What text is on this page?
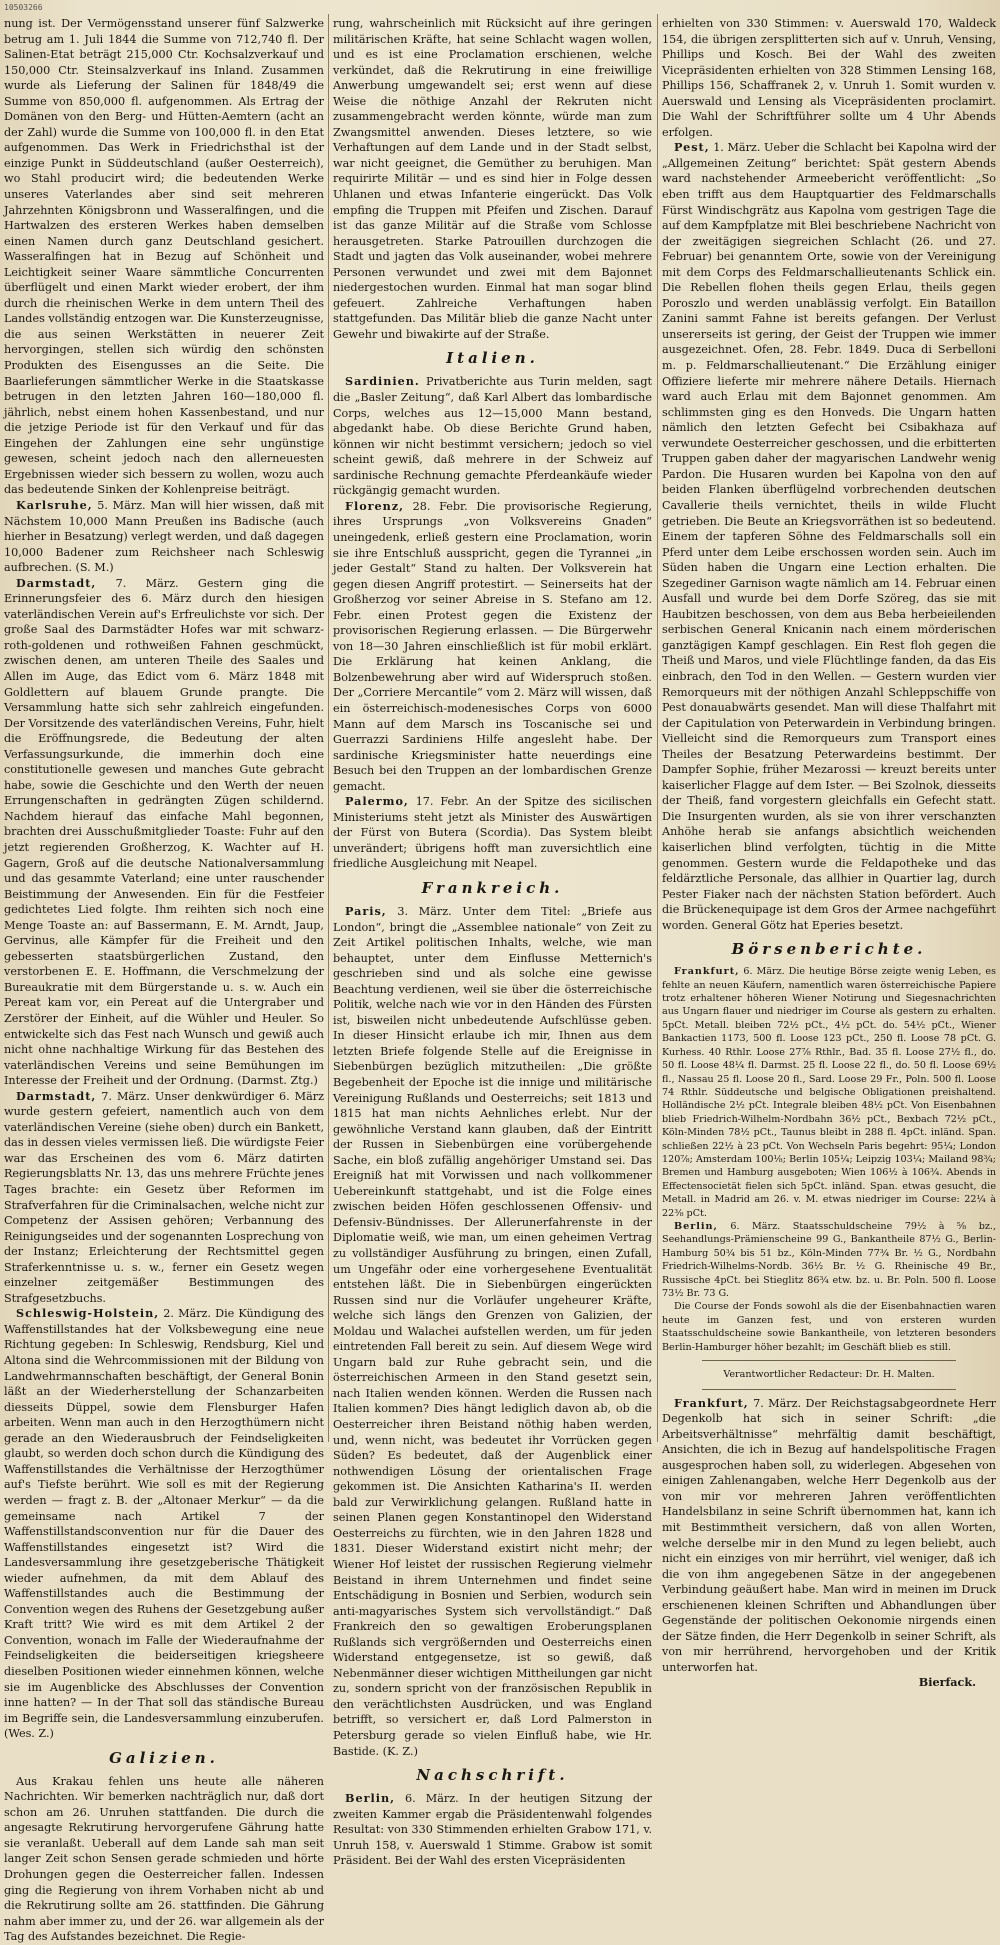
10503266

nung ist. Der Vermögensstand unserer fünf Salzwerke betrug am 1. Juli 1844 die Summe von 712,740 fl. Der Salinen-Etat beträgt 215,000 Ctr. Kochsalzverkauf und 150,000 Ctr. Steinsalzverkauf ins Inland. Zusammen wurde als Lieferung der Salinen für 1848/49 die Summe von 850,000 fl. aufgenommen. Als Ertrag der Domänen von den Berg- und Hütten-Aemtern (acht an der Zahl) wurde die Summe von 100,000 fl. in den Etat aufgenommen. Das Werk in Friedrichsthal ist der einzige Punkt in Süddeutschland (außer Oesterreich), wo Stahl producirt wird; die bedeutenden Werke unseres Vaterlandes aber sind seit mehreren Jahrzehnten Königsbronn und Wasseralfingen, und die Hartwalzen des ersteren Werkes haben demselben einen Namen durch ganz Deutschland gesichert. Wasseralfingen hat in Bezug auf Schönheit und Leichtigkeit seiner Waare sämmtliche Concurrenten überflügelt und einen Markt wieder erobert, der ihm durch die rheinischen Werke in dem untern Theil des Landes vollständig entzogen war. Die Kunsterzeugnisse, die aus seinen Werkstätten in neuerer Zeit hervorgingen, stellen sich würdig den schönsten Produkten des Eisengusses an die Seite. Die Baarlieferungen sämmtlicher Werke in die Staatskasse betrugen in den letzten Jahren 160—180,000 fl. jährlich, nebst einem hohen Kassenbestand, und nur die jetzige Periode ist für den Verkauf und für das Eingehen der Zahlungen eine sehr ungünstige gewesen, scheint jedoch nach den allerneuesten Ergebnissen wieder sich bessern zu wollen, wozu auch das bedeutende Sinken der Kohlenpreise beiträgt.

Karlsruhe, 5. März. Man will hier wissen, daß mit Nächstem 10,000 Mann Preußen ins Badische (auch hierher in Besatzung) verlegt werden, und daß dagegen 10,000 Badener zum Reichsheer nach Schleswig aufbrechen. (S. M.)

Darmstadt, 7. März. Gestern ging die Erinnerungsfeier des 6. März durch den hiesigen vaterländischen Verein auf's Erfreulichste vor sich. Der große Saal des Darmstädter Hofes war mit schwarz-roth-goldenen und rothweißen Fahnen geschmückt, zwischen denen, am unteren Theile des Saales und Allen im Auge, das Edict vom 6. März 1848 mit Goldlettern auf blauem Grunde prangte. Die Versammlung hatte sich sehr zahlreich eingefunden. Der Vorsitzende des vaterländischen Vereins, Fuhr, hielt die Eröffnungsrede, die Bedeutung der alten Verfassungsurkunde, die immerhin doch eine constitutionelle gewesen und manches Gute gebracht habe, sowie die Geschichte und den Werth der neuen Errungenschaften in gedrängten Zügen schildernd. Nachdem hierauf das einfache Mahl begonnen, brachten drei Ausschußmitglieder Toaste: Fuhr auf den jetzt regierenden Großherzog, K. Wachter auf H. Gagern, Groß auf die deutsche Nationalversammlung und das gesammte Vaterland; eine unter rauschender Beistimmung der Anwesenden. Ein für die Festfeier gedichtetes Lied folgte. Ihm reihten sich noch eine Menge Toaste an: auf Bassermann, E. M. Arndt, Jaup, Gervinus, alle Kämpfer für die Freiheit und den gebesserten staatsbürgerlichen Zustand, den verstorbenen E. E. Hoffmann, die Verschmelzung der Bureaukratie mit dem Bürgerstande u. s. w. Auch ein Pereat kam vor, ein Pereat auf die Untergraber und Zerstörer der Einheit, auf die Wühler und Heuler. So entwickelte sich das Fest nach Wunsch und gewiß auch nicht ohne nachhaltige Wirkung für das Bestehen des vaterländischen Vereins und seine Bemühungen im Interesse der Freiheit und der Ordnung. (Darmst. Ztg.)

Darmstadt, 7. März. Unser denkwürdiger 6. März wurde gestern gefeiert, namentlich auch von dem vaterländischen Vereine (siehe oben) durch ein Bankett, das in dessen vieles vermissen ließ. Die würdigste Feier war das Erscheinen des vom 6. März datirten Regierungsblatts Nr. 13, das uns mehrere Früchte jenes Tages brachte: ein Gesetz über Reformen im Strafverfahren für die Criminalsachen, welche nicht zur Competenz der Assisen gehören; Verbannung des Reinigungseides und der sogenannten Losprechung von der Instanz; Erleichterung der Rechtsmittel gegen Straferkenntnisse u. s. w., ferner ein Gesetz wegen einzelner zeitgemäßer Bestimmungen des Strafgesetzbuchs.

Schleswig-Holstein, 2. März. Die Kündigung des Waffenstillstandes hat der Volksbewegung eine neue Richtung gegeben: In Schleswig, Rendsburg, Kiel und Altona sind die Wehrcommissionen mit der Bildung von Landwehrmannschaften beschäftigt, der General Bonin läßt an der Wiederherstellung der Schanzarbeiten diesseits Düppel, sowie dem Flensburger Hafen arbeiten. Wenn man auch in den Herzogthümern nicht gerade an den Wiederausbruch der Feindseligkeiten glaubt, so werden doch schon durch die Kündigung des Waffenstillstandes die Verhältnisse der Herzogthümer auf's Tiefste berührt. Wie soll es mit der Regierung werden — fragt z. B. der „Altonaer Merkur“ — da die gemeinsame nach Artikel 7 der Waffenstillstandsconvention nur für die Dauer des Waffenstillstandes eingesetzt ist? Wird die Landesversammlung ihre gesetzgeberische Thätigkeit wieder aufnehmen, da mit dem Ablauf des Waffenstillstandes auch die Bestimmung der Convention wegen des Ruhens der Gesetzgebung außer Kraft tritt? Wie wird es mit dem Artikel 2 der Convention, wonach im Falle der Wiederaufnahme der Feindseligkeiten die beiderseitigen kriegsheere dieselben Positionen wieder einnehmen können, welche sie im Augenblicke des Abschlusses der Convention inne hatten? — In der That soll das ständische Bureau im Begriffe sein, die Landesversammlung einzuberufen. (Wes. Z.)

Galizien.

Aus Krakau fehlen uns heute alle näheren Nachrichten. Wir bemerken nachträglich nur, daß dort schon am 26. Unruhen stattfanden. Die durch die angesagte Rekrutirung hervorgerufene Gährung hatte sie veranlaßt. Ueberall auf dem Lande sah man seit langer Zeit schon Sensen gerade schmieden und hörte Drohungen gegen die Oesterreicher fallen. Indessen ging die Regierung von ihrem Vorhaben nicht ab und die Rekrutirung sollte am 26. stattfinden. Die Gährung nahm aber immer zu, und der 26. war allgemein als der Tag des Aufstandes bezeichnet. Die Regie-

rung, wahrscheinlich mit Rücksicht auf ihre geringen militärischen Kräfte, hat seine Schlacht wagen wollen, und es ist eine Proclamation erschienen, welche verkündet, daß die Rekrutirung in eine freiwillige Anwerbung umgewandelt sei; erst wenn auf diese Weise die nöthige Anzahl der Rekruten nicht zusammengebracht werden könnte, würde man zum Zwangsmittel anwenden. Dieses letztere, so wie Verhaftungen auf dem Lande und in der Stadt selbst, war nicht geeignet, die Gemüther zu beruhigen. Man requirirte Militär — und es sind hier in Folge dessen Uhlanen und etwas Infanterie eingerückt. Das Volk empfing die Truppen mit Pfeifen und Zischen. Darauf ist das ganze Militär auf die Straße vom Schlosse herausgetreten. Starke Patrouillen durchzogen die Stadt und jagten das Volk auseinander, wobei mehrere Personen verwundet und zwei mit dem Bajonnet niedergestochen wurden. Einmal hat man sogar blind gefeuert. Zahlreiche Verhaftungen haben stattgefunden. Das Militär blieb die ganze Nacht unter Gewehr und biwakirte auf der Straße.

Italien.

Sardinien. Privatberichte aus Turin melden, sagt die „Basler Zeitung“, daß Karl Albert das lombardische Corps, welches aus 12—15,000 Mann bestand, abgedankt habe. Ob diese Berichte Grund haben, können wir nicht bestimmt versichern; jedoch so viel scheint gewiß, daß mehrere in der Schweiz auf sardinische Rechnung gemachte Pferdeankäufe wieder rückgängig gemacht wurden.

Florenz, 28. Febr. Die provisorische Regierung, ihres Ursprungs „von Volksvereins Gnaden“ uneingedenk, erließ gestern eine Proclamation, worin sie ihre Entschluß ausspricht, gegen die Tyrannei „in jeder Gestalt“ Stand zu halten. Der Volksverein hat gegen diesen Angriff protestirt. — Seinerseits hat der Großherzog vor seiner Abreise in S. Stefano am 12. Febr. einen Protest gegen die Existenz der provisorischen Regierung erlassen. — Die Bürgerwehr von 18—30 Jahren einschließlich ist für mobil erklärt. Die Erklärung hat keinen Anklang, die Bolzenbewehrung aber wird auf Widerspruch stoßen. Der „Corriere Mercantile“ vom 2. März will wissen, daß ein österreichisch-modenesisches Corps von 6000 Mann auf dem Marsch ins Toscanische sei und Guerrazzi Sardiniens Hilfe angesleht habe. Der sardinische Kriegsminister hatte neuerdings eine Besuch bei den Truppen an der lombardischen Grenze gemacht.

Palermo, 17. Febr. An der Spitze des sicilischen Ministeriums steht jetzt als Minister des Auswärtigen der Fürst von Butera (Scordia). Das System bleibt unverändert; übrigens hofft man zuversichtlich eine friedliche Ausgleichung mit Neapel.

Frankreich.

Paris, 3. März. Unter dem Titel: „Briefe aus London“, bringt die „Assemblee nationale“ von Zeit zu Zeit Artikel politischen Inhalts, welche, wie man behauptet, unter dem Einflusse Metternich's geschrieben sind und als solche eine gewisse Beachtung verdienen, weil sie über die österreichische Politik, welche nach wie vor in den Händen des Fürsten ist, bisweilen nicht unbedeutende Aufschlüsse geben. In dieser Hinsicht erlaube ich mir, Ihnen aus dem letzten Briefe folgende Stelle auf die Ereignisse in Siebenbürgen bezüglich mitzutheilen: „Die größte Begebenheit der Epoche ist die innige und militärische Vereinigung Rußlands und Oesterreichs; seit 1813 und 1815 hat man nichts Aehnliches erlebt. Nur der gewöhnliche Verstand kann glauben, daß der Eintritt der Russen in Siebenbürgen eine vorübergehende Sache, ein bloß zufällig angehöriger Umstand sei. Das Ereigniß hat mit Vorwissen und nach vollkommener Uebereinkunft stattgehabt, und ist die Folge eines zwischen beiden Höfen geschlossenen Offensiv- und Defensiv-Bündnisses. Der Allerunerfahrenste in der Diplomatie weiß, wie man, um einen geheimen Vertrag zu vollständiger Ausführung zu bringen, einen Zufall, um Ungefähr oder eine vorhergesehene Eventualität entstehen läßt. Die in Siebenbürgen eingerückten Russen sind nur die Vorläufer ungeheurer Kräfte, welche sich längs den Grenzen von Galizien, der Moldau und Walachei aufstellen werden, um für jeden eintretenden Fall bereit zu sein. Auf diesem Wege wird Ungarn bald zur Ruhe gebracht sein, und die österreichischen Armeen in den Stand gesetzt sein, nach Italien wenden können. Werden die Russen nach Italien kommen? Dies hängt lediglich davon ab, ob die Oesterreicher ihren Beistand nöthig haben werden, und, wenn nicht, was bedeutet ihr Vorrücken gegen Süden? Es bedeutet, daß der Augenblick einer nothwendigen Lösung der orientalischen Frage gekommen ist. Die Ansichten Katharina's II. werden bald zur Verwirklichung gelangen. Rußland hatte in seinen Planen gegen Konstantinopel den Widerstand Oesterreichs zu fürchten, wie in den Jahren 1828 und 1831. Dieser Widerstand existirt nicht mehr; der Wiener Hof leistet der russischen Regierung vielmehr Beistand in ihrem Unternehmen und findet seine Entschädigung in Bosnien und Serbien, wodurch sein anti-magyarisches System sich vervollständigt.“ Daß Frankreich den so gewaltigen Eroberungsplanen Rußlands sich vergrößernden und Oesterreichs einen Widerstand entgegensetze, ist so gewiß, daß Nebenmänner dieser wichtigen Mittheilungen gar nicht zu, sondern spricht von der französischen Republik in den verächtlichsten Ausdrücken, und was England betrifft, so versichert er, daß Lord Palmerston in Petersburg gerade so vielen Einfluß habe, wie Hr. Bastide. (K. Z.)

Nachschrift.

Berlin, 6. März. In der heutigen Sitzung der zweiten Kammer ergab die Präsidentenwahl folgendes Resultat: von 330 Stimmenden erhielten Grabow 171, v. Unruh 158, v. Auerswald 1 Stimme. Grabow ist somit Präsident. Bei der Wahl des ersten Vicepräsidenten

erhielten von 330 Stimmen: v. Auerswald 170, Waldeck 154, die übrigen zersplitterten sich auf v. Unruh, Vensing, Phillips und Kosch. Bei der Wahl des zweiten Vicepräsidenten erhielten von 328 Stimmen Lensing 168, Phillips 156, Schaffranek 2, v. Unruh 1. Somit wurden v. Auerswald und Lensing als Vicepräsidenten proclamirt. Die Wahl der Schriftführer sollte um 4 Uhr Abends erfolgen.

Pest, 1. März. Ueber die Schlacht bei Kapolna wird der „Allgemeinen Zeitung“ berichtet: Spät gestern Abends ward nachstehender Armeebericht veröffentlicht: „So eben trifft aus dem Hauptquartier des Feldmarschalls Fürst Windischgrätz aus Kapolna vom gestrigen Tage die auf dem Kampfplatze mit Blei beschriebene Nachricht von der zweitägigen siegreichen Schlacht (26. und 27. Februar) bei genanntem Orte, sowie von der Vereinigung mit dem Corps des Feldmarschallieutenants Schlick ein. Die Rebellen flohen theils gegen Erlau, theils gegen Poroszlo und werden unablässig verfolgt. Ein Bataillon Zanini sammt Fahne ist bereits gefangen. Der Verlust unsererseits ist gering, der Geist der Truppen wie immer ausgezeichnet. Ofen, 28. Febr. 1849. Duca di Serbelloni m. p. Feldmarschallieutenant.“ Die Erzählung einiger Offiziere lieferte mir mehrere nähere Details. Hiernach ward auch Erlau mit dem Bajonnet genommen. Am schlimmsten ging es den Honveds. Die Ungarn hatten nämlich den letzten Gefecht bei Csibakhaza auf verwundete Oesterreicher geschossen, und die erbitterten Truppen gaben daher der magyarischen Landwehr wenig Pardon. Die Husaren wurden bei Kapolna von den auf beiden Flanken überflügelnd vorbrechenden deutschen Cavallerie theils vernichtet, theils in wilde Flucht getrieben. Die Beute an Kriegsvorräthen ist so bedeutend. Einem der tapferen Söhne des Feldmarschalls soll ein Pferd unter dem Leibe erschossen worden sein. Auch im Süden haben die Ungarn eine Lection erhalten. Die Szegediner Garnison wagte nämlich am 14. Februar einen Ausfall und wurde bei dem Dorfe Szöreg, das sie mit Haubitzen beschossen, von dem aus Beba herbeieilenden serbischen General Knicanin nach einem mörderischen ganztägigen Kampf geschlagen. Ein Rest floh gegen die Theiß und Maros, und viele Flüchtlinge fanden, da das Eis einbrach, den Tod in den Wellen. — Gestern wurden vier Remorqueurs mit der nöthigen Anzahl Schleppschiffe von Pest donauabwärts gesendet. Man will diese Thalfahrt mit der Capitulation von Peterwardein in Verbindung bringen. Vielleicht sind die Remorqueurs zum Transport eines Theiles der Besatzung Peterwardeins bestimmt. Der Dampfer Sophie, früher Mezarossi — kreuzt bereits unter kaiserlicher Flagge auf dem Ister. — Bei Szolnok, diesseits der Theiß, fand vorgestern gleichfalls ein Gefecht statt. Die Insurgenten wurden, als sie von ihrer verschanzten Anhöhe herab sie anfangs absichtlich weichenden kaiserlichen blind verfolgten, tüchtig in die Mitte genommen. Gestern wurde die Feldapotheke und das feldärztliche Personale, das allhier in Quartier lag, durch Pester Fiaker nach der nächsten Station befördert. Auch die Brückenequipage ist dem Gros der Armee nachgeführt worden. General Götz hat Eperies besetzt.

Börsenberichte.

Frankfurt, 6. März. Die heutige Börse zeigte wenig Leben, es fehlte an neuen Käufern, namentlich waren österreichische Papiere trotz erhaltener höheren Wiener Notirung und Siegesnachrichten aus Ungarn flauer und niedriger im Course als gestern zu erhalten. 5pCt. Metall. bleiben 72½ pCt., 4½ pCt. do. 54½ pCt., Wiener Bankactien 1173, 500 fl. Loose 123 pCt., 250 fl. Loose 78 pCt. G. Kurhess. 40 Rthlr. Loose 27⅞ Rthlr., Bad. 35 fl. Loose 27½ fl., do. 50 fl. Loose 48¼ fl. Darmst. 25 fl. Loose 22 fl., do. 50 fl. Loose 69½ fl., Nassau 25 fl. Loose 20 fl., Sard. Loose 29 Fr., Poln. 500 fl. Loose 74 Rthlr. Süddeutsche und belgische Obligationen preishaltend. Holländische 2½ pCt. Integrale bleiben 48½ pCt. Von Eisenbahnen blieb Friedrich-Wilhelm-Nordbahn 36½ pCt., Bexbach 72½ pCt., Köln-Minden 78½ pCt., Taunus bleibt in 288 fl. 4pCt. inländ. Span. schließen 22½ à 23 pCt. Von Wechseln Paris begehrt: 95¼; London 120⅞; Amsterdam 100⅛; Berlin 105¼; Leipzig 103¼; Mailand 98¾; Bremen und Hamburg ausgeboten; Wien 106½ à 106¾. Abends in Effectensocietät fielen sich 5pCt. inländ. Span. etwas gesucht, die Metall. in Madrid am 26. v. M. etwas niedriger im Course: 22¼ à 22⅜ pCt.

Berlin, 6. März. Staatsschuldscheine 79½ à ⅝ bz., Seehandlungs-Prämienscheine 99 G., Bankantheile 87½ G., Berlin-Hamburg 50¾ bis 51 bz., Köln-Minden 77¾ Br. ½ G., Nordbahn Friedrich-Wilhelms-Nordb. 36½ Br. ½ G. Rheinische 49 Br., Russische 4pCt. bei Stieglitz 86¾ etw. bz. u. Br. Poln. 500 fl. Loose 73½ Br. 73 G.

Die Course der Fonds sowohl als die der Eisenbahnactien waren heute im Ganzen fest, und von ersteren wurden Staatsschuldscheine sowie Bankantheile, von letzteren besonders Berlin-Hamburger höher bezahlt; im Geschäft blieb es still.

Verantwortlicher Redacteur: Dr. H. Malten.

Frankfurt, 7. März. Der Reichstagsabgeordnete Herr Degenkolb hat sich in seiner Schrift: „die Arbeitsverhältnisse“ mehrfältig damit beschäftigt, Ansichten, die ich in Bezug auf handelspolitische Fragen ausgesprochen haben soll, zu widerlegen. Abgesehen von einigen Zahlenangaben, welche Herr Degenkolb aus der von mir vor mehreren Jahren veröffentlichten Handelsbilanz in seine Schrift übernommen hat, kann ich mit Bestimmtheit versichern, daß von allen Worten, welche derselbe mir in den Mund zu legen beliebt, auch nicht ein einziges von mir herrührt, viel weniger, daß ich die von ihm angegebenen Sätze in der angegebenen Verbindung geäußert habe. Man wird in meinen im Druck erschienenen kleinen Schriften und Abhandlungen über Gegenstände der politischen Oekonomie nirgends einen der Sätze finden, die Herr Degenkolb in seiner Schrift, als von mir herrührend, hervorgehoben und der Kritik unterworfen hat.

Bierfack.
